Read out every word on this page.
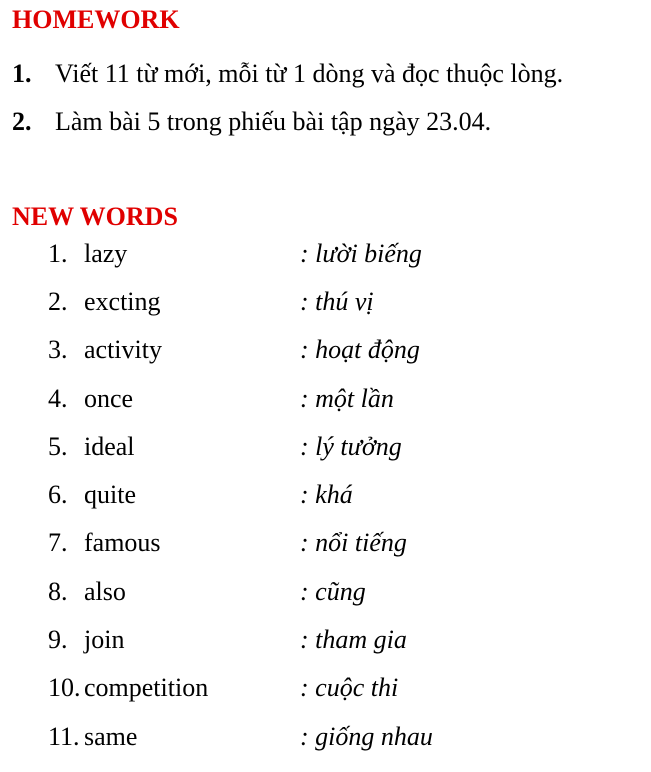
HOMEWORK
1. Viết 11 từ mới, mỗi từ 1 dòng và đọc thuộc lòng.
2. Làm bài 5 trong phiếu bài tập ngày 23.04.
NEW WORDS
1. lazy	: lười biếng
2. excting	: thú vị
3. activity	: hoạt động
4. once	: một lần
5. ideal	: lý tưởng
6. quite	: khá
7. famous	: nổi tiếng
8. also	: cũng
9. join	: tham gia
10. competition	: cuộc thi
11. same	: giống nhau
